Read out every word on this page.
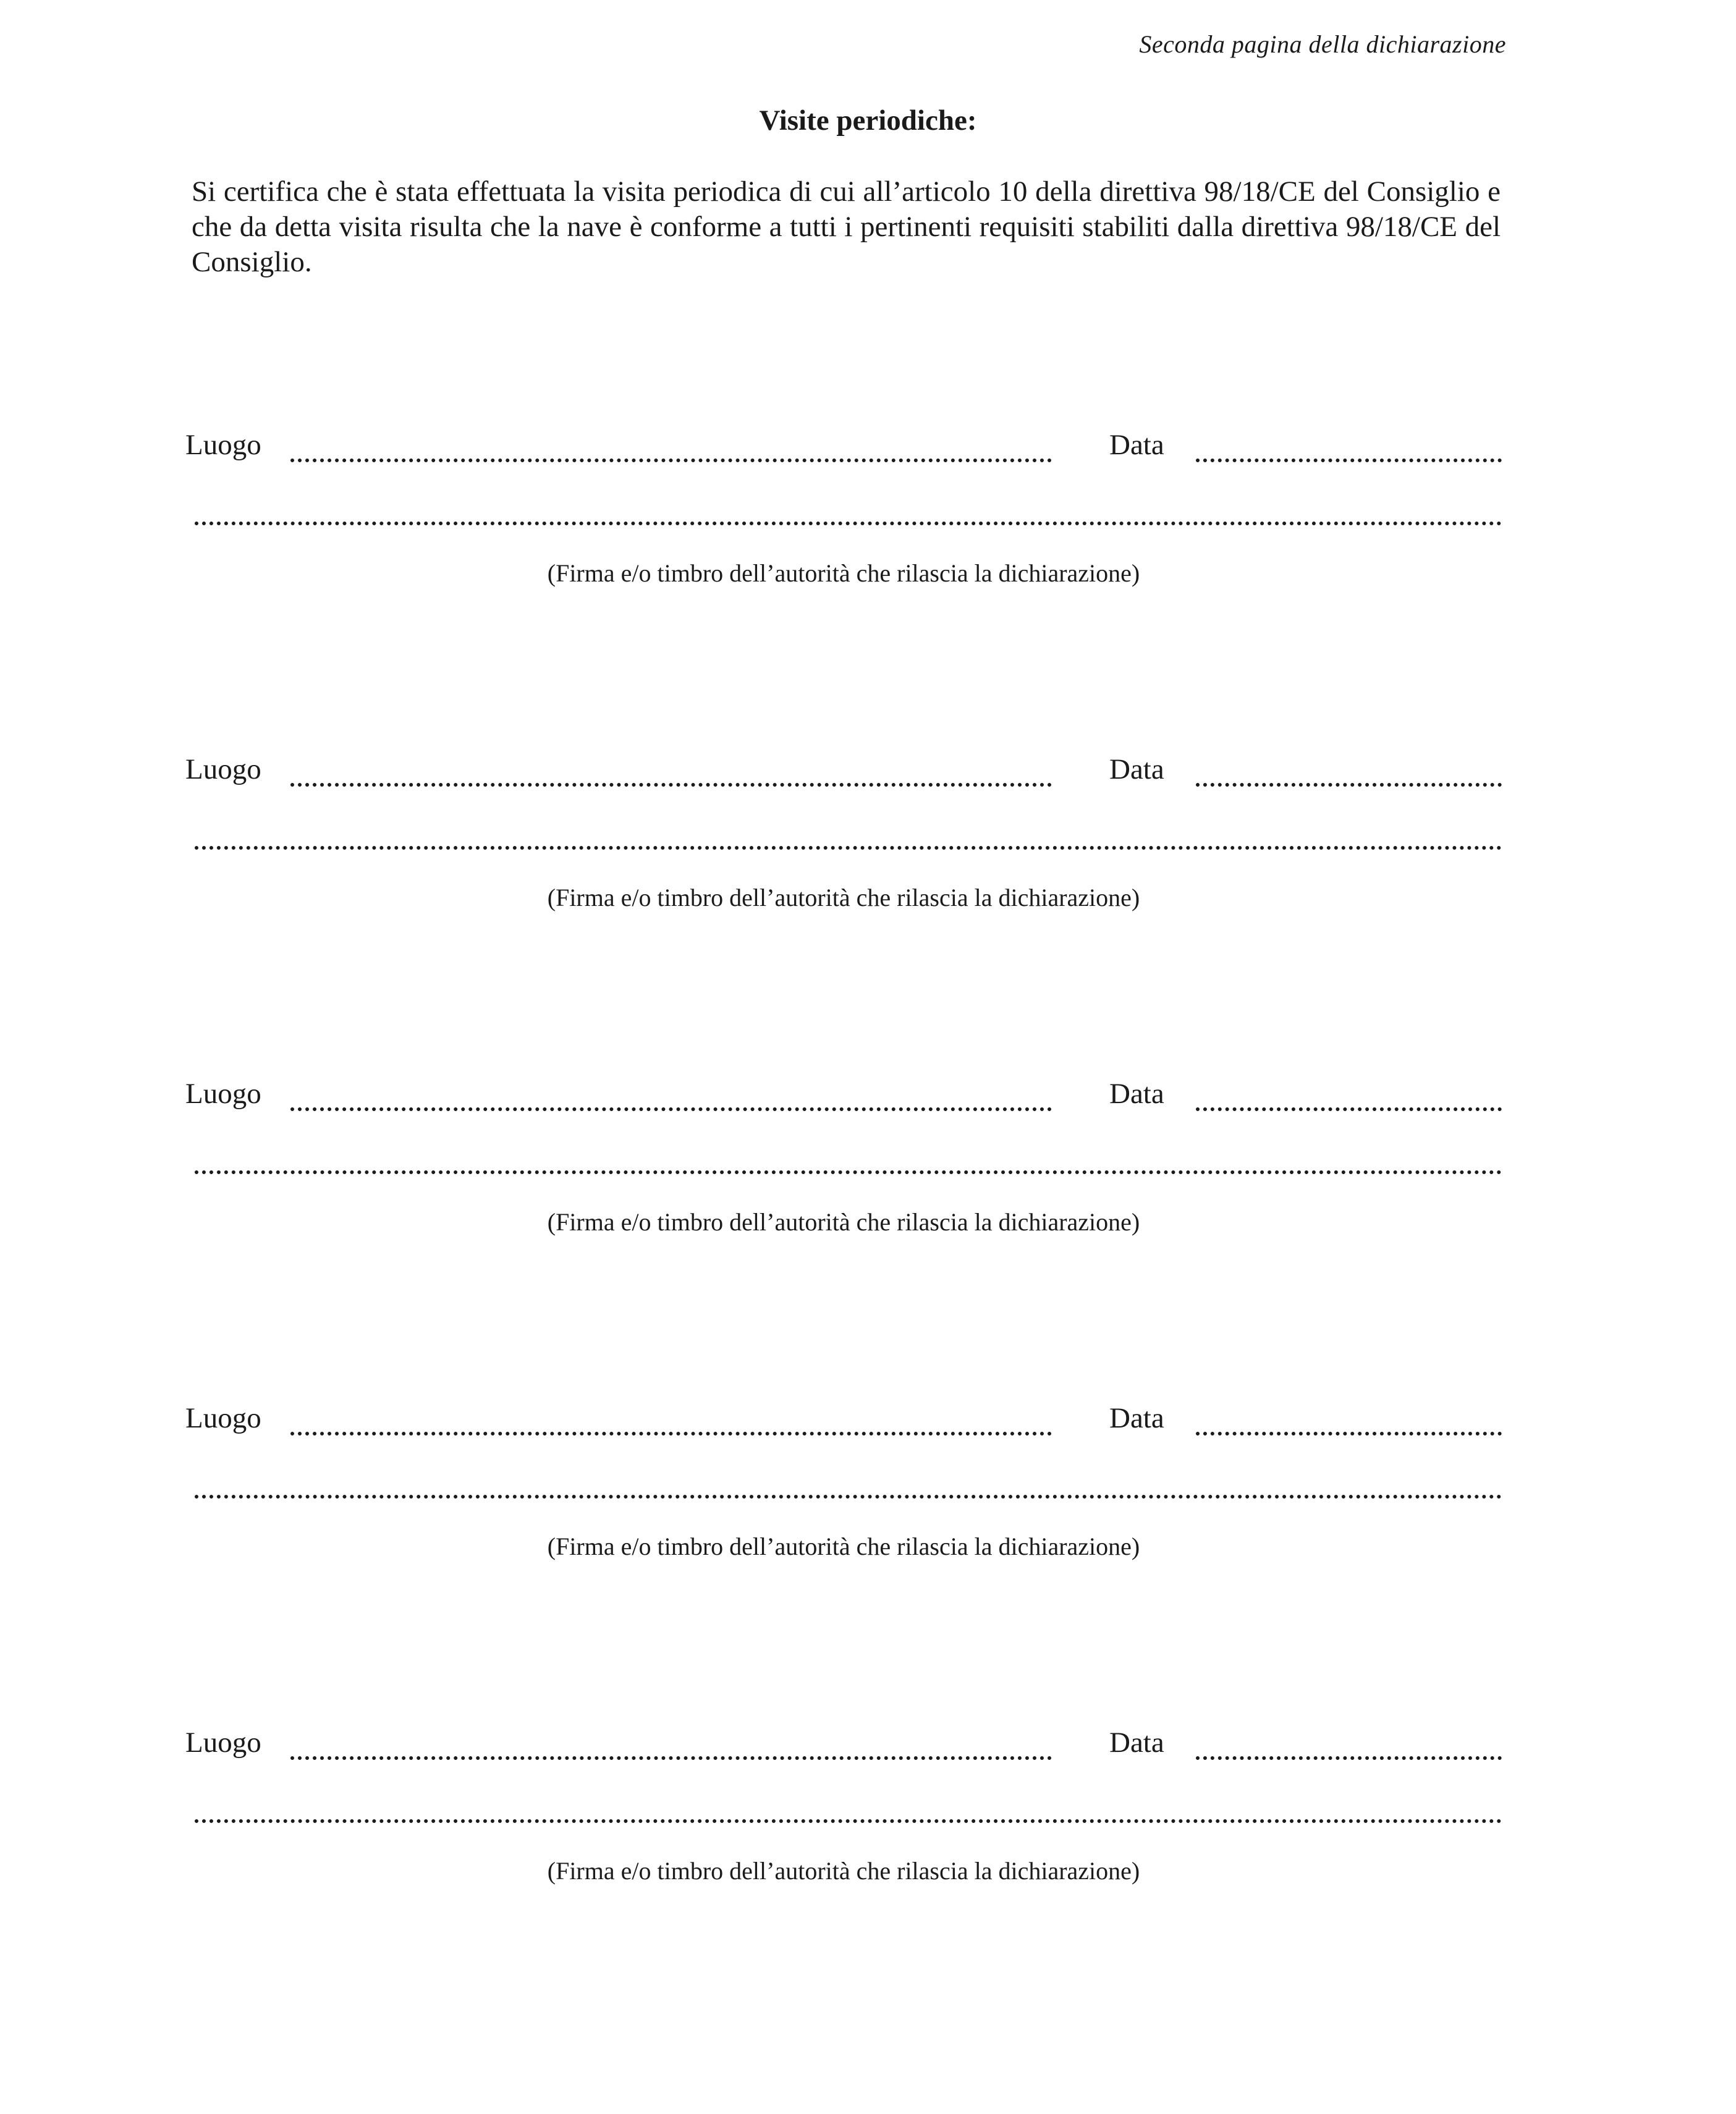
Seconda pagina della dichiarazione
Visite periodiche:
Si certifica che è stata effettuata la visita periodica di cui all’articolo 10 della direttiva 98/18/CE del Consiglio e che da detta visita risulta che la nave è conforme a tutti i pertinenti requisiti stabiliti dalla direttiva 98/18/CE del Consiglio.
Luogo	Data
(Firma e/o timbro dell’autorità che rilascia la dichiarazione)
Luogo	Data
(Firma e/o timbro dell’autorità che rilascia la dichiarazione)
Luogo	Data
(Firma e/o timbro dell’autorità che rilascia la dichiarazione)
Luogo	Data
(Firma e/o timbro dell’autorità che rilascia la dichiarazione)
Luogo	Data
(Firma e/o timbro dell’autorità che rilascia la dichiarazione)
